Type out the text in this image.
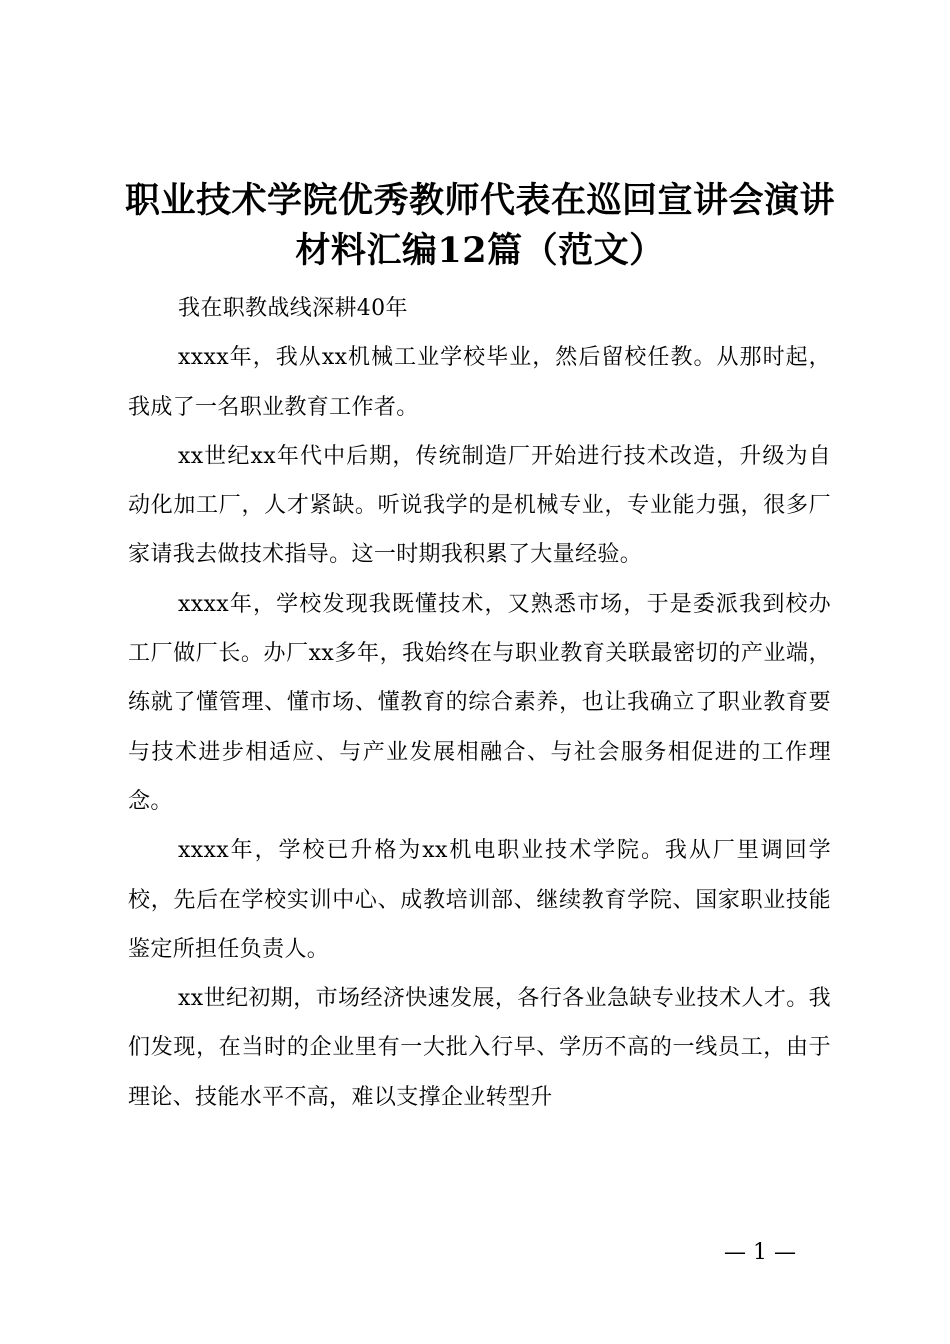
职业技术学院优秀教师代表在巡回宣讲会演讲
材料汇编12篇（范文）

我在职教战线深耕40年

xxxx年，我从xx机械工业学校毕业，然后留校任教。从那时起，我成了一名职业教育工作者。

xx世纪xx年代中后期，传统制造厂开始进行技术改造，升级为自动化加工厂，人才紧缺。听说我学的是机械专业，专业能力强，很多厂家请我去做技术指导。这一时期我积累了大量经验。

xxxx年，学校发现我既懂技术，又熟悉市场，于是委派我到校办工厂做厂长。办厂xx多年，我始终在与职业教育关联最密切的产业端，练就了懂管理、懂市场、懂教育的综合素养，也让我确立了职业教育要与技术进步相适应、与产业发展相融合、与社会服务相促进的工作理念。

xxxx年，学校已升格为xx机电职业技术学院。我从厂里调回学校，先后在学校实训中心、成教培训部、继续教育学院、国家职业技能鉴定所担任负责人。

xx世纪初期，市场经济快速发展，各行各业急缺专业技术人才。我们发现，在当时的企业里有一大批入行早、学历不高的一线员工，由于理论、技能水平不高，难以支撑企业转型升

— 1 —
